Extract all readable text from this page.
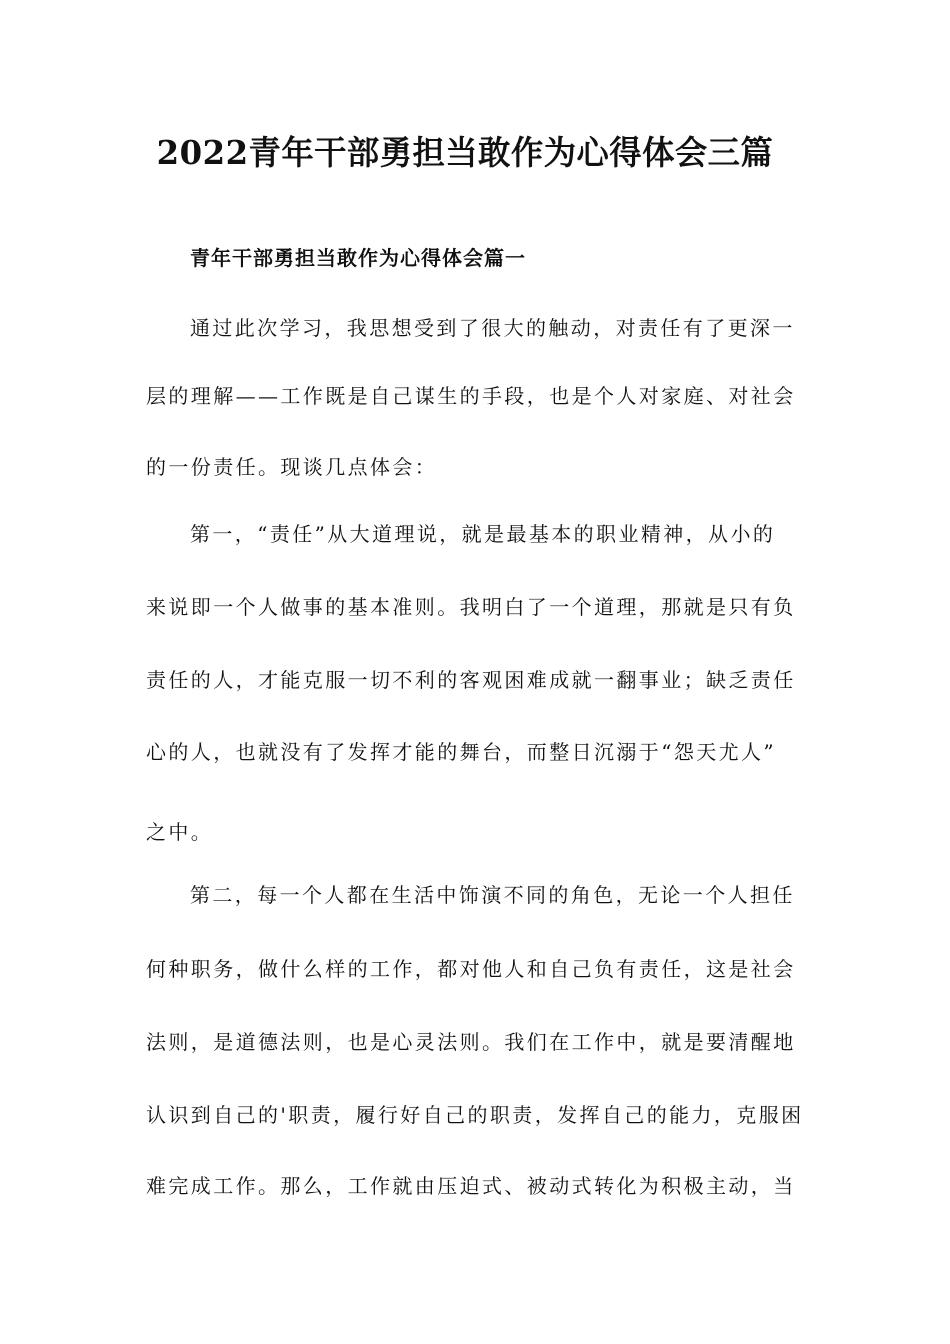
2022青年干部勇担当敢作为心得体会三篇
青年干部勇担当敢作为心得体会篇一
通过此次学习，我思想受到了很大的触动，对责任有了更深一
层的理解——工作既是自己谋生的手段，也是个人对家庭、对社会
的一份责任。现谈几点体会：
第一，“责任”从大道理说，就是最基本的职业精神，从小的
来说即一个人做事的基本准则。我明白了一个道理，那就是只有负
责任的人，才能克服一切不利的客观困难成就一翻事业；缺乏责任
心的人，也就没有了发挥才能的舞台，而整日沉溺于“怨天尤人”
之中。
第二，每一个人都在生活中饰演不同的角色，无论一个人担任
何种职务，做什么样的工作，都对他人和自己负有责任，这是社会
法则，是道德法则，也是心灵法则。我们在工作中，就是要清醒地
认识到自己的'职责，履行好自己的职责，发挥自己的能力，克服困
难完成工作。那么，工作就由压迫式、被动式转化为积极主动，当
